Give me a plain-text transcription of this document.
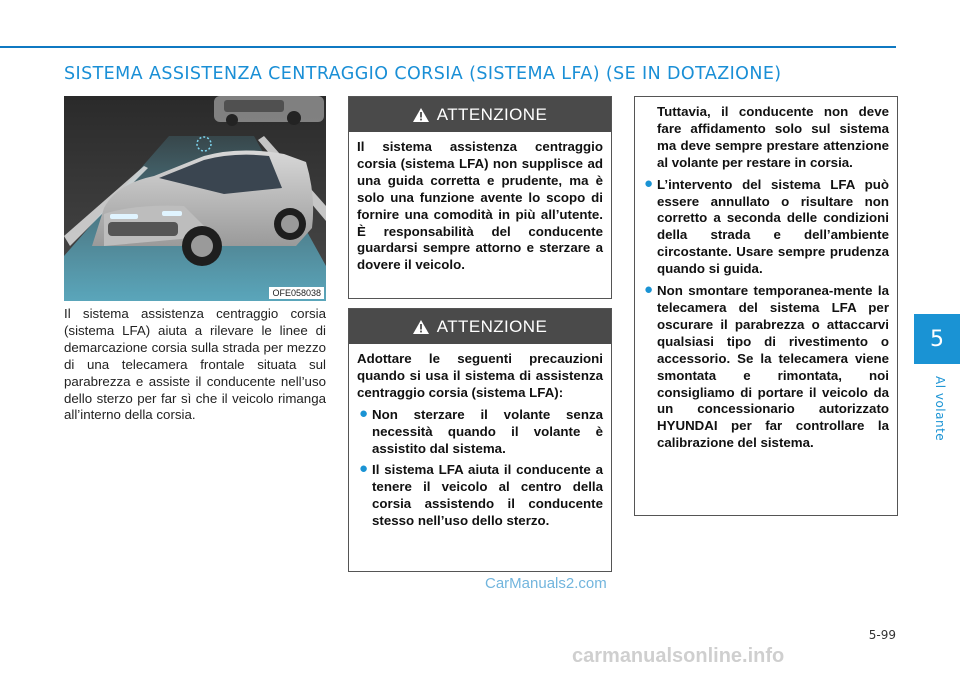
SISTEMA ASSISTENZA CENTRAGGIO CORSIA (SISTEMA LFA) (SE IN DOTAZIONE)
5
Al volante
OFE058038
Il sistema assistenza centraggio corsia (sistema LFA) aiuta a rilevare le linee di demarcazione corsia sulla strada per mezzo di una telecamera frontale situata sul parabrezza e assiste il conducente nell’uso dello sterzo per far sì che il veicolo rimanga all’interno della corsia.
ATTENZIONE
Il sistema assistenza centraggio corsia (sistema LFA) non supplisce ad una guida corretta e prudente, ma è solo una funzione avente lo scopo di fornire una comodità in più all’utente. È responsabilità del conducente guardarsi sempre attorno e sterzare a dovere il veicolo.
ATTENZIONE
Adottare le seguenti precauzioni quando si usa il sistema di assistenza centraggio corsia (sistema LFA):
● Non sterzare il volante senza necessità quando il volante è assistito dal sistema.
● Il sistema LFA aiuta il conducente a tenere il veicolo al centro della corsia assistendo il conducente stesso nell’uso dello sterzo.
Tuttavia, il conducente non deve fare affidamento solo sul sistema ma deve sempre prestare attenzione al volante per restare in corsia.
● L’intervento del sistema LFA può essere annullato o risultare non corretto a seconda delle condizioni della strada e dell’ambiente circostante. Usare sempre prudenza quando si guida.
● Non smontare temporanea-mente la telecamera del sistema LFA per oscurare il parabrezza o attaccarvi qualsiasi tipo di rivestimento o accessorio. Se la telecamera viene smontata e rimontata, noi consigliamo di portare il veicolo da un concessionario autorizzato HYUNDAI per far controllare la calibrazione del sistema.
5-99
CarManuals2.com
carmanualsonline.info
